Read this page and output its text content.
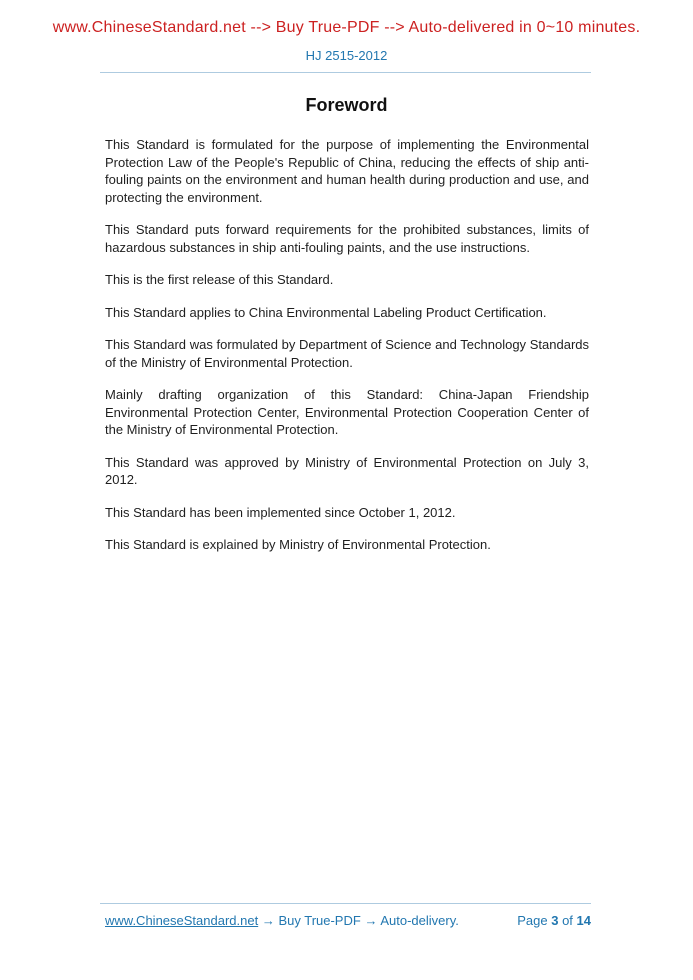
www.ChineseStandard.net --> Buy True-PDF --> Auto-delivered in 0~10 minutes.
HJ 2515-2012
Foreword

This Standard is formulated for the purpose of implementing the Environmental Protection Law of the People's Republic of China, reducing the effects of ship anti-fouling paints on the environment and human health during production and use, and protecting the environment.

This Standard puts forward requirements for the prohibited substances, limits of hazardous substances in ship anti-fouling paints, and the use instructions.

This is the first release of this Standard.

This Standard applies to China Environmental Labeling Product Certification.

This Standard was formulated by Department of Science and Technology Standards of the Ministry of Environmental Protection.

Mainly drafting organization of this Standard: China-Japan Friendship Environmental Protection Center, Environmental Protection Cooperation Center of the Ministry of Environmental Protection.

This Standard was approved by Ministry of Environmental Protection on July 3, 2012.

This Standard has been implemented since October 1, 2012.

This Standard is explained by Ministry of Environmental Protection.

www.ChineseStandard.net → Buy True-PDF → Auto-delivery.	Page 3 of 14
